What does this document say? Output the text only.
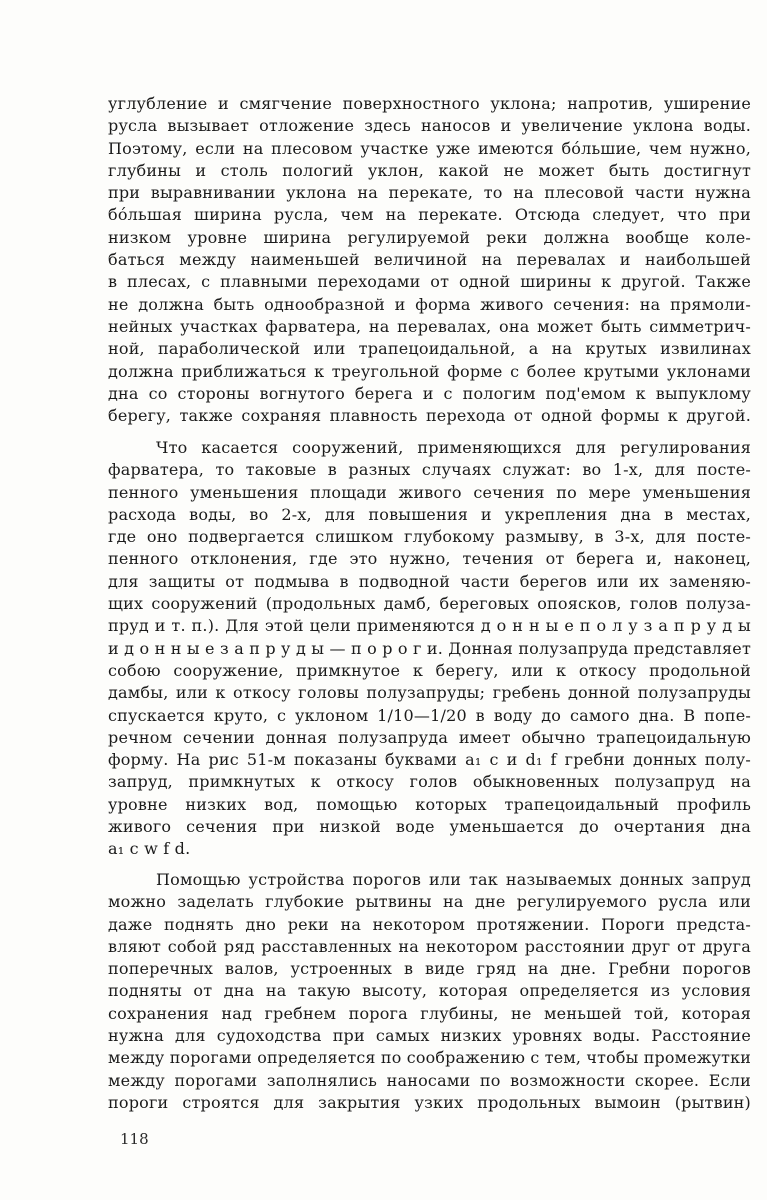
углубление и смягчение поверхностного уклона; напротив, уширение
русла вызывает отложение здесь наносов и увеличение уклона воды.
Поэтому, если на плесовом участке уже имеются бóльшие, чем нужно,
глубины и столь пологий уклон, какой не может быть достигнут
при выравнивании уклона на перекате, то на плесовой части нужна
бóльшая ширина русла, чем на перекате. Отсюда следует, что при
низком уровне ширина регулируемой реки должна вообще коле-
баться между наименьшей величиной на перевалах и наибольшей
в плесах, с плавными переходами от одной ширины к другой. Также
не должна быть однообразной и форма живого сечения: на прямоли-
нейных участках фарватера, на перевалах, она может быть симметрич-
ной, параболической или трапецоидальной, а на крутых извилинах
должна приближаться к треугольной форме с более крутыми уклонами
дна со стороны вогнутого берега и с пологим под'емом к выпуклому
берегу, также сохраняя плавность перехода от одной формы к другой.
Что касается сооружений, применяющихся для регулирования
фарватера, то таковые в разных случаях служат: во 1-х, для посте-
пенного уменьшения площади живого сечения по мере уменьшения
расхода воды, во 2-х, для повышения и укрепления дна в местах,
где оно подвергается слишком глубокому размыву, в 3-х, для посте-
пенного отклонения, где это нужно, течения от берега и, наконец,
для защиты от подмыва в подводной части берегов или их заменяю-
щих сооружений (продольных дамб, береговых опоясков, голов полуза-
пруд и т. п.). Для этой цели применяются д о н н ы е п о л у з а п р у д ы
и д о н н ы е з а п р у д ы — п о р о г и. Донная полузапруда представляет
собою сооружение, примкнутое к берегу, или к откосу продольной
дамбы, или к откосу головы полузапруды; гребень донной полузапруды
спускается круто, с уклоном 1/10—1/20 в воду до самого дна. В попе-
речном сечении донная полузапруда имеет обычно трапецоидальную
форму. На рис 51-м показаны буквами a₁ c и d₁ f гребни донных полу-
запруд, примкнутых к откосу голов обыкновенных полузапруд на
уровне низких вод, помощью которых трапецоидальный профиль
живого сечения при низкой воде уменьшается до очертания дна
a₁ c w f d.
Помощью устройства порогов или так называемых донных запруд
можно заделать глубокие рытвины на дне регулируемого русла или
даже поднять дно реки на некотором протяжении. Пороги предста-
вляют собой ряд расставленных на некотором расстоянии друг от друга
поперечных валов, устроенных в виде гряд на дне. Гребни порогов
подняты от дна на такую высоту, которая определяется из условия
сохранения над гребнем порога глубины, не меньшей той, которая
нужна для судоходства при самых низких уровнях воды. Расстояние
между порогами определяется по соображению с тем, чтобы промежутки
между порогами заполнялись наносами по возможности скорее. Если
пороги строятся для закрытия узких продольных вымоин (рытвин)
118
